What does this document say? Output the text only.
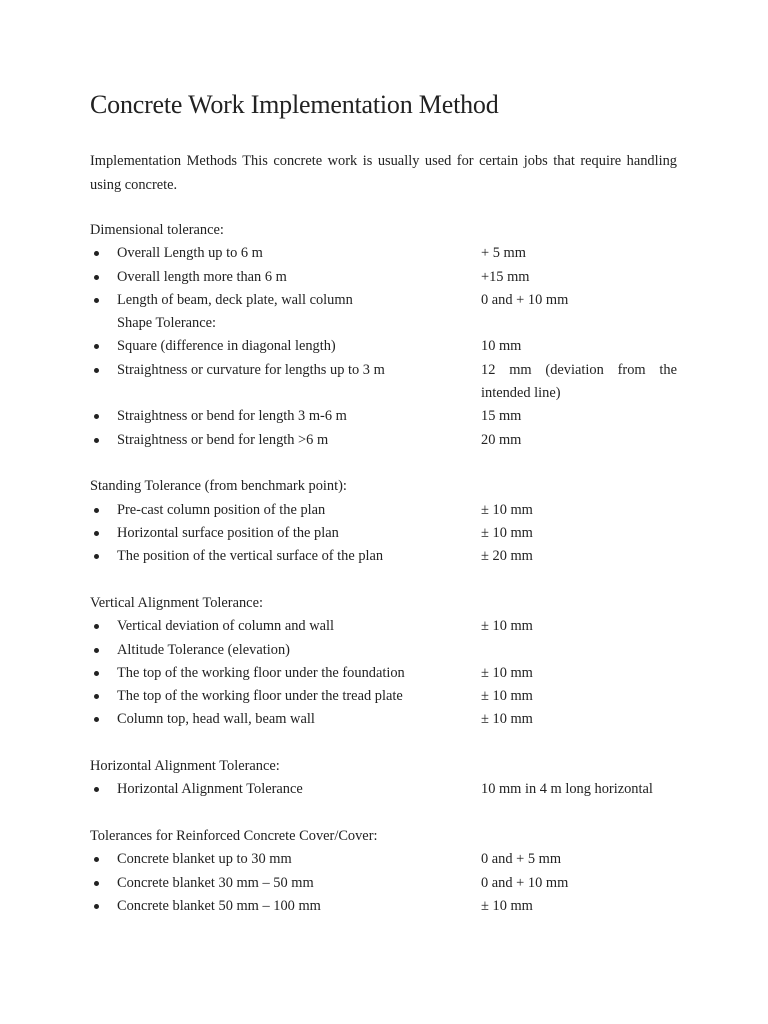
Concrete Work Implementation Method

Implementation Methods This concrete work is usually used for certain jobs that require handling using concrete.

Dimensional tolerance:

Overall Length up to 6 m	+ 5 mm
Overall length more than 6 m	+15 mm
Length of beam, deck plate, wall column	0 and + 10 mm
Shape Tolerance:
Square (difference in diagonal length)	10 mm
Straightness or curvature for lengths up to 3 m	12 mm (deviation from the intended line)
Straightness or bend for length 3 m-6 m	15 mm
Straightness or bend for length >6 m	20 mm

Standing Tolerance (from benchmark point):

Pre-cast column position of the plan	± 10 mm
Horizontal surface position of the plan	± 10 mm
The position of the vertical surface of the plan	± 20 mm

Vertical Alignment Tolerance:

Vertical deviation of column and wall	± 10 mm
Altitude Tolerance (elevation)
The top of the working floor under the foundation	± 10 mm
The top of the working floor under the tread plate	± 10 mm
Column top, head wall, beam wall	± 10 mm

Horizontal Alignment Tolerance:

Horizontal Alignment Tolerance	10 mm in 4 m long horizontal

Tolerances for Reinforced Concrete Cover/Cover:

Concrete blanket up to 30 mm	0 and + 5 mm
Concrete blanket 30 mm – 50 mm	0 and + 10 mm
Concrete blanket 50 mm – 100 mm	± 10 mm
